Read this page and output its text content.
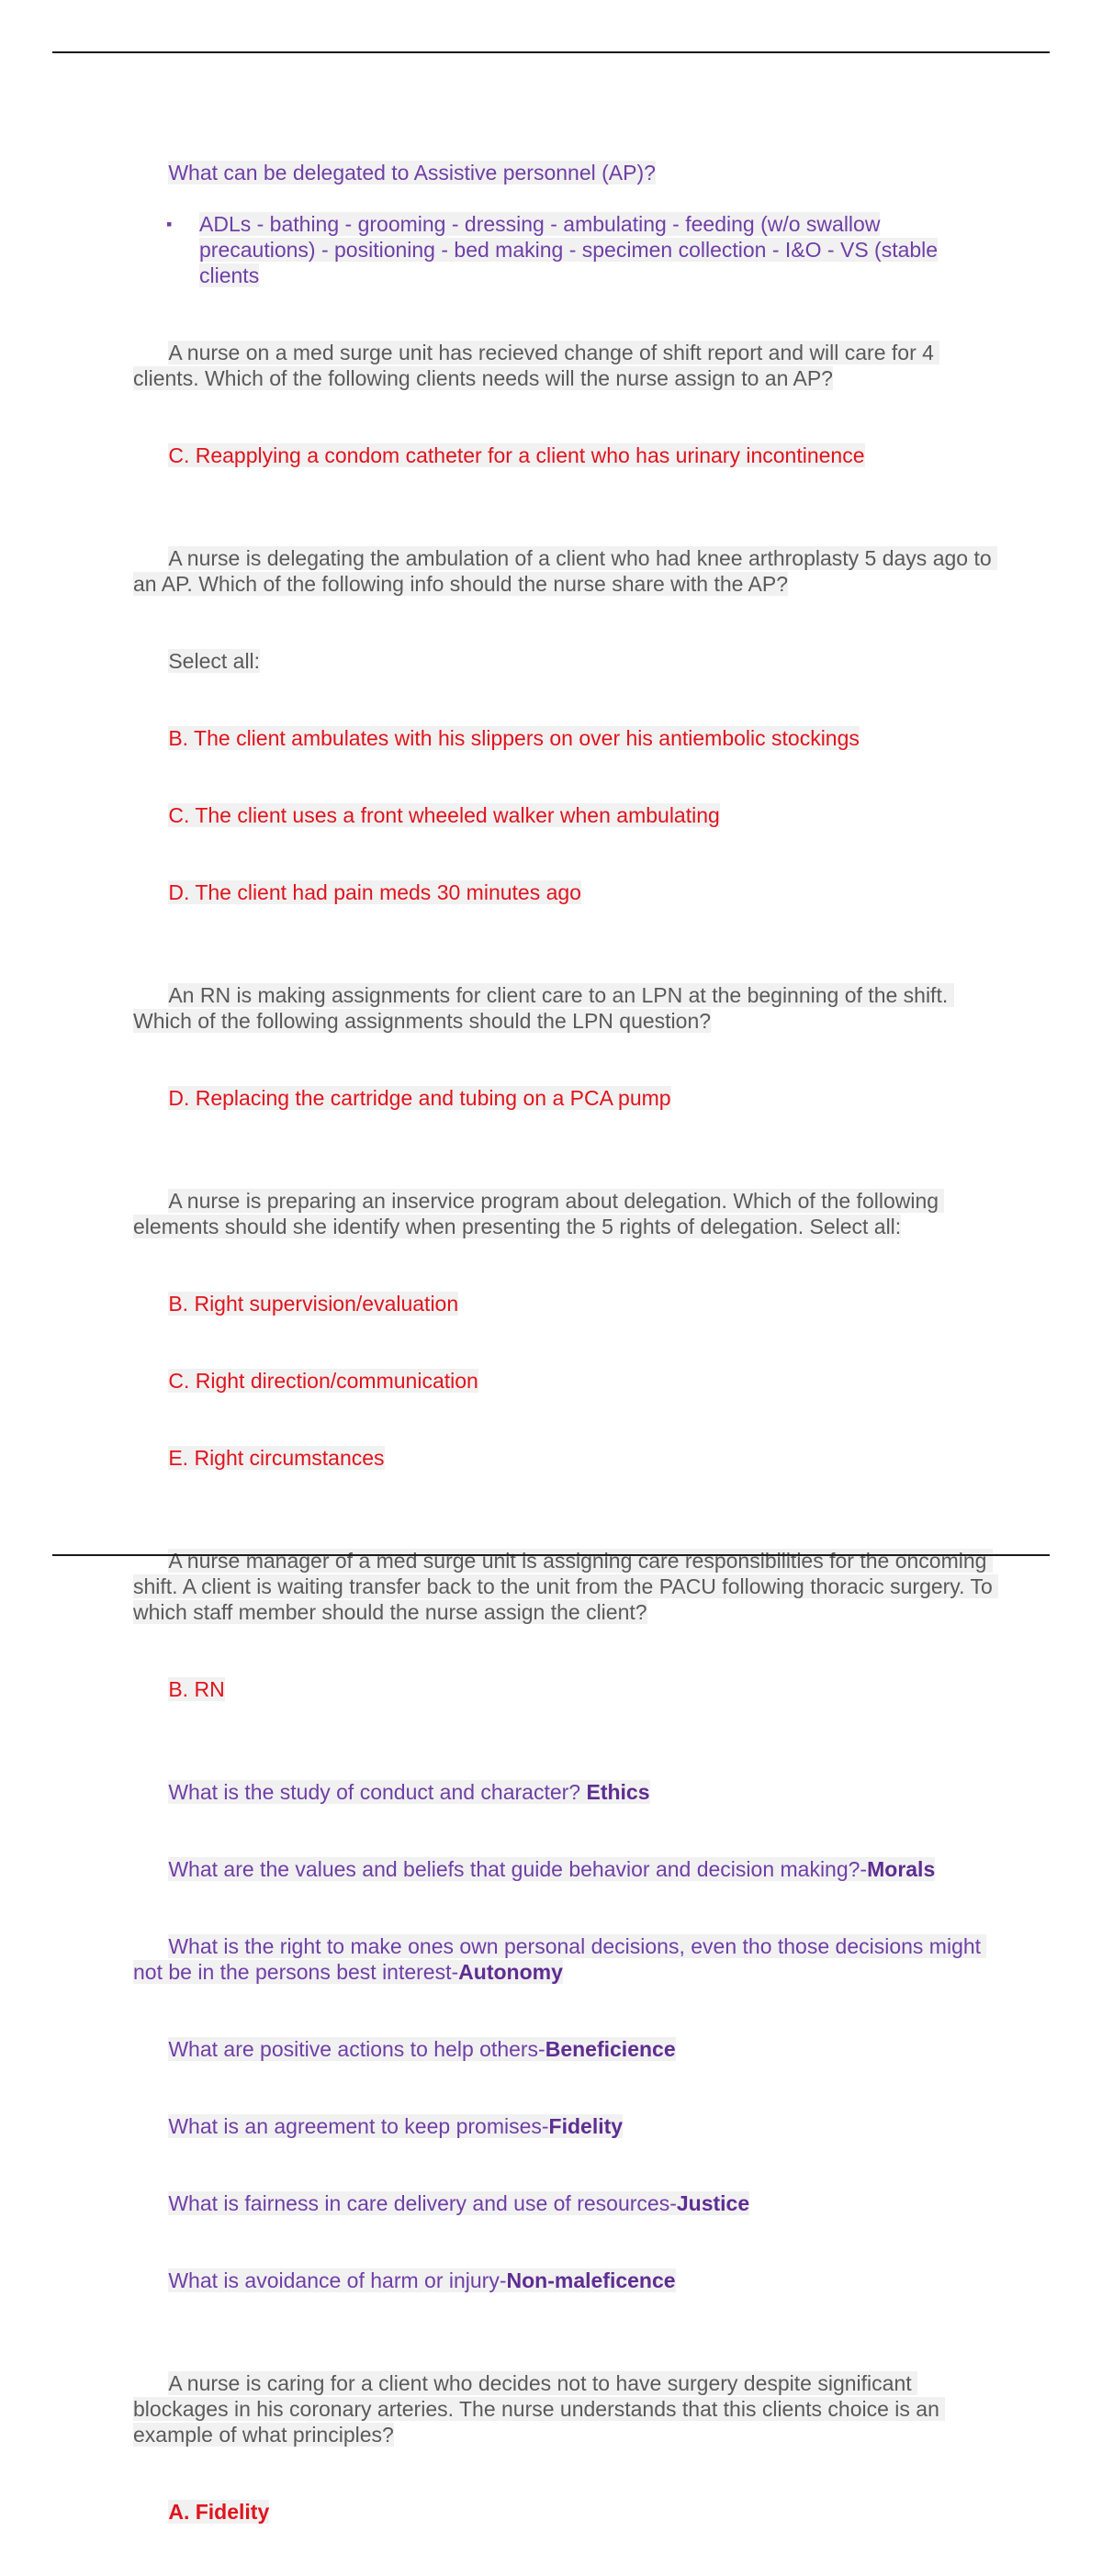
What can be delegated to Assistive personnel (AP)?

▪	ADLs - bathing - grooming - dressing - ambulating - feeding (w/o swallow precautions) - positioning - bed making - specimen collection - I&O - VS (stable clients

A nurse on a med surge unit has recieved change of shift report and will care for 4 clients. Which of the following clients needs will the nurse assign to an AP?

C. Reapplying a condom catheter for a client who has urinary incontinence

A nurse is delegating the ambulation of a client who had knee arthroplasty 5 days ago to an AP. Which of the following info should the nurse share with the AP?

Select all:

B. The client ambulates with his slippers on over his antiembolic stockings

C. The client uses a front wheeled walker when ambulating

D. The client had pain meds 30 minutes ago

An RN is making assignments for client care to an LPN at the beginning of the shift. Which of the following assignments should the LPN question?

D. Replacing the cartridge and tubing on a PCA pump

A nurse is preparing an inservice program about delegation. Which of the following elements should she identify when presenting the 5 rights of delegation. Select all:

B. Right supervision/evaluation

C. Right direction/communication

E. Right circumstances

A nurse manager of a med surge unit is assigning care responsibilities for the oncoming shift. A client is waiting transfer back to the unit from the PACU following thoracic surgery. To which staff member should the nurse assign the client?

B. RN

What is the study of conduct and character? Ethics

What are the values and beliefs that guide behavior and decision making?-Morals

What is the right to make ones own personal decisions, even tho those decisions might not be in the persons best interest-Autonomy

What are positive actions to help others-Beneficience

What is an agreement to keep promises-Fidelity

What is fairness in care delivery and use of resources-Justice

What is avoidance of harm or injury-Non-maleficence

A nurse is caring for a client who decides not to have surgery despite significant blockages in his coronary arteries. The nurse understands that this clients choice is an example of what principles?

A. Fidelity
